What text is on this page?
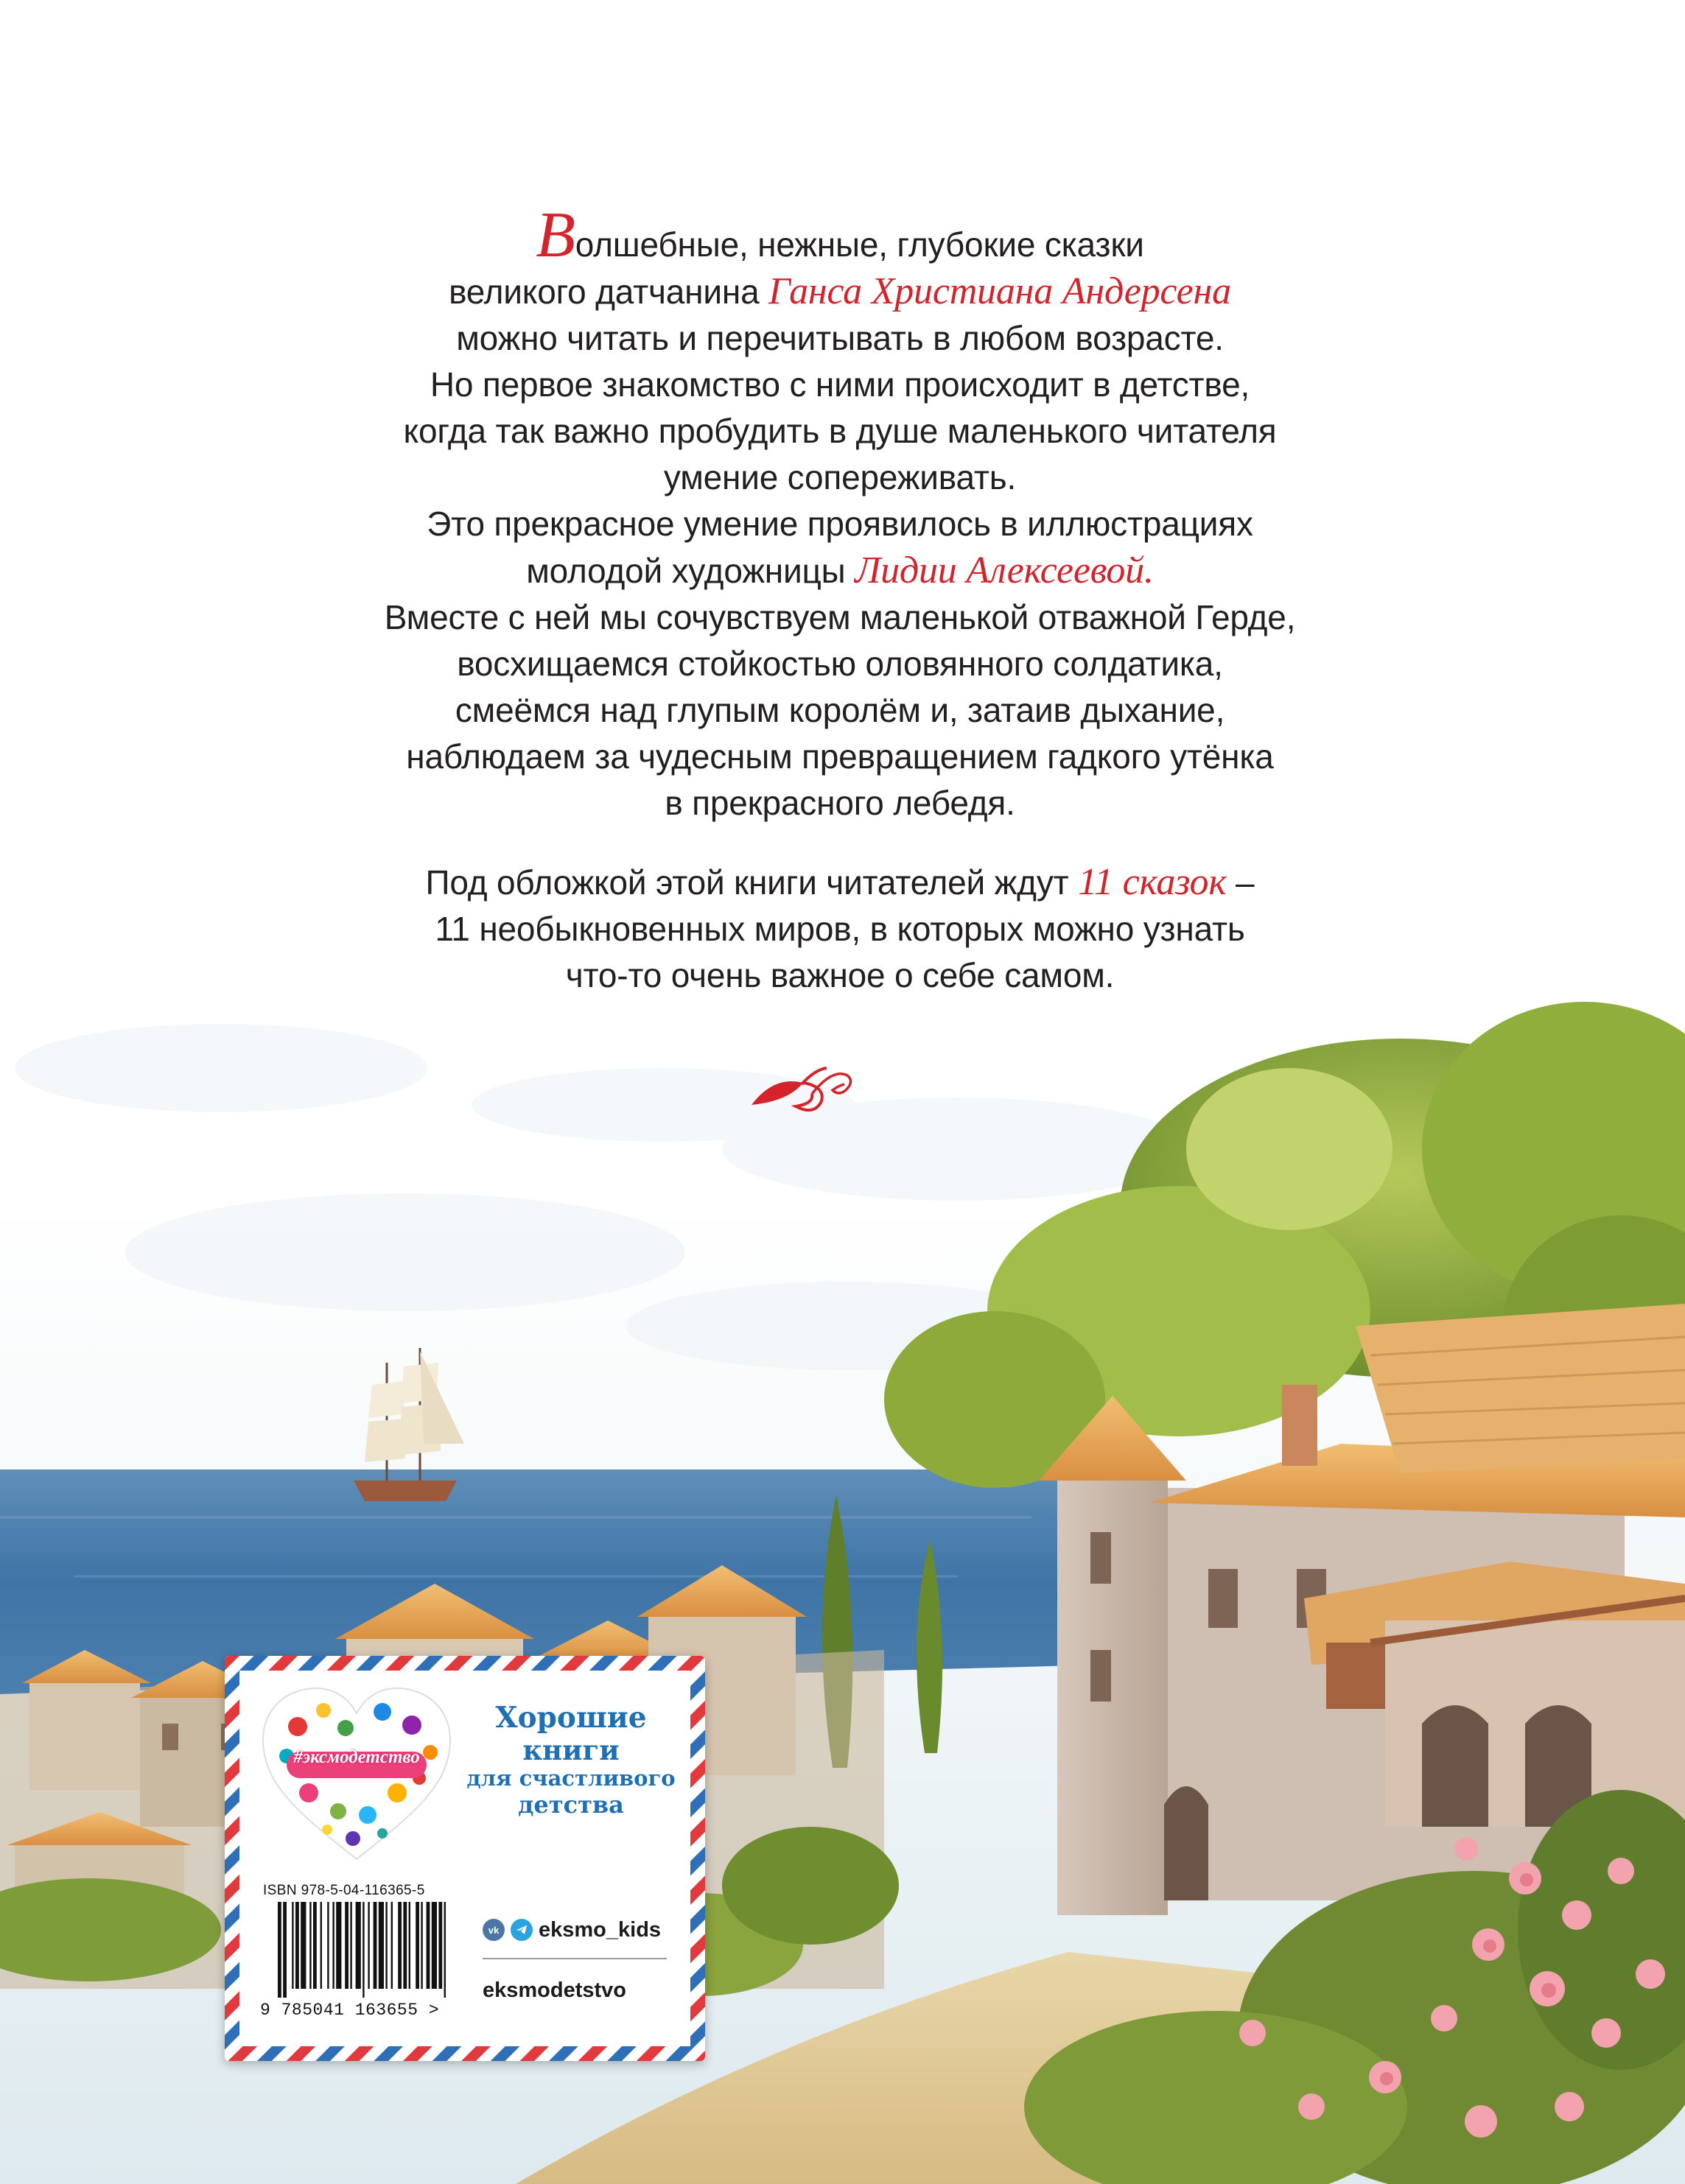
Волшебные, нежные, глубокие сказки
великого датчанина Ганса Христиана Андерсена
можно читать и перечитывать в любом возрасте.
Но первое знакомство с ними происходит в детстве,
когда так важно пробудить в душе маленького читателя
умение сопереживать.
Это прекрасное умение проявилось в иллюстрациях
молодой художницы Лидии Алексеевой.
Вместе с ней мы сочувствуем маленькой отважной Герде,
восхищаемся стойкостью оловянного солдатика,
смеёмся над глупым королём и, затаив дыхание,
наблюдаем за чудесным превращением гадкого утёнка
в прекрасного лебедя.

Под обложкой этой книги читателей ждут 11 сказок –
11 необыкновенных миров, в которых можно узнать
что-то очень важное о себе самом.

#эксмодетство
Хорошие
книги
для счастливого
детства
ISBN 978-5-04-116365-5
9 785041 163655 >
vk eksmo_kids
eksmodetstvo
